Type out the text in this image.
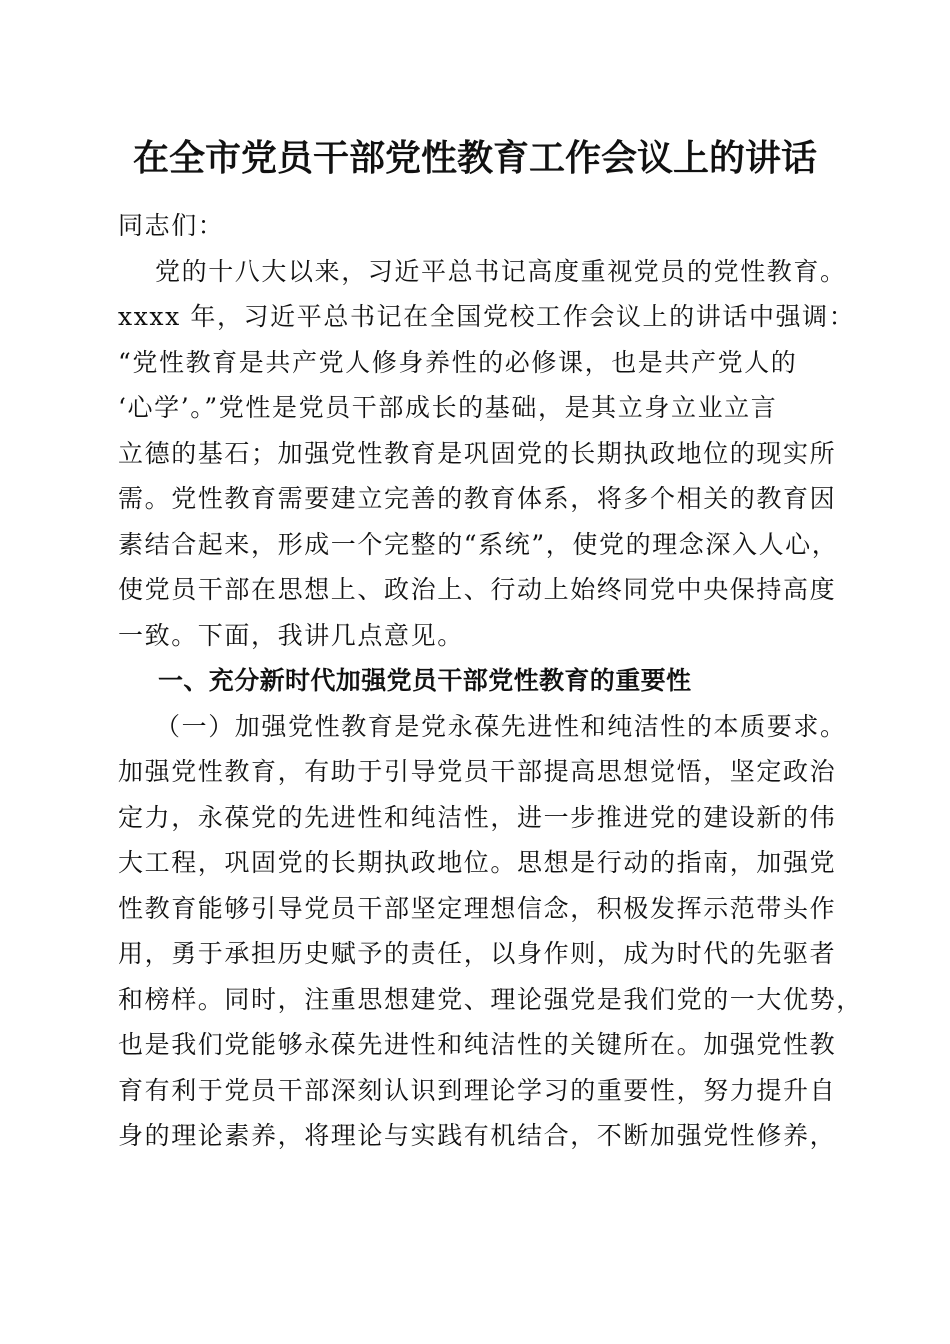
在全市党员干部党性教育工作会议上的讲话
同志们：
党的十八大以来，习近平总书记高度重视党员的党性教育。
xxxx 年，习近平总书记在全国党校工作会议上的讲话中强调：
“党性教育是共产党人修身养性的必修课，也是共产党人的
‘心学’。”党性是党员干部成长的基础，是其立身立业立言
立德的基石；加强党性教育是巩固党的长期执政地位的现实所
需。党性教育需要建立完善的教育体系，将多个相关的教育因
素结合起来，形成一个完整的“系统”，使党的理念深入人心，
使党员干部在思想上、政治上、行动上始终同党中央保持高度
一致。下面，我讲几点意见。
一、充分新时代加强党员干部党性教育的重要性
（一）加强党性教育是党永葆先进性和纯洁性的本质要求。
加强党性教育，有助于引导党员干部提高思想觉悟，坚定政治
定力，永葆党的先进性和纯洁性，进一步推进党的建设新的伟
大工程，巩固党的长期执政地位。思想是行动的指南，加强党
性教育能够引导党员干部坚定理想信念，积极发挥示范带头作
用，勇于承担历史赋予的责任，以身作则，成为时代的先驱者
和榜样。同时，注重思想建党、理论强党是我们党的一大优势，
也是我们党能够永葆先进性和纯洁性的关键所在。加强党性教
育有利于党员干部深刻认识到理论学习的重要性，努力提升自
身的理论素养，将理论与实践有机结合，不断加强党性修养，
